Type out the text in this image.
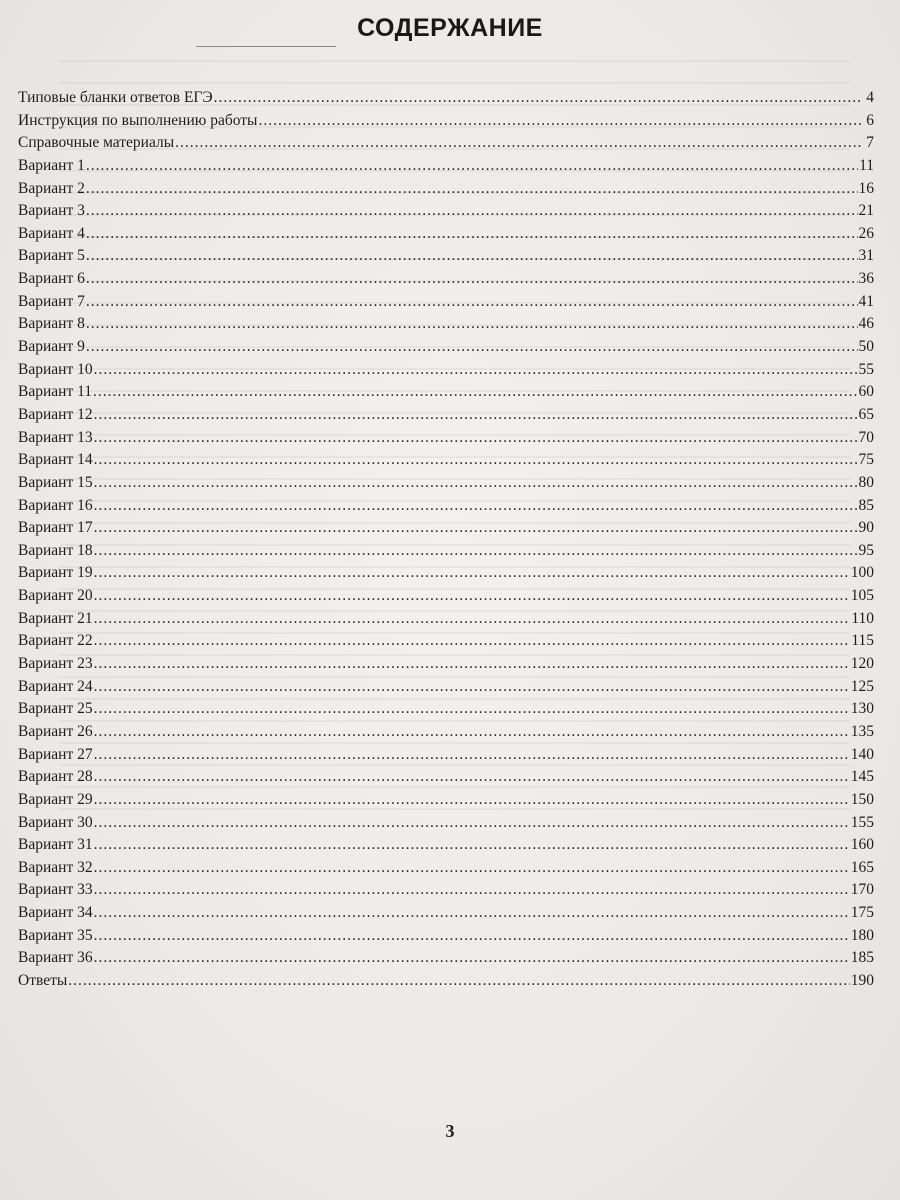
СОДЕРЖАНИЕ
Типовые бланки ответов ЕГЭ .....	4
Инструкция по выполнению работы .....	6
Справочные материалы .....	7
Вариант 1 .....	11
Вариант 2 .....	16
Вариант 3 .....	21
Вариант 4 .....	26
Вариант 5 .....	31
Вариант 6 .....	36
Вариант 7 .....	41
Вариант 8 .....	46
Вариант 9 .....	50
Вариант 10 .....	55
Вариант 11 .....	60
Вариант 12 .....	65
Вариант 13 .....	70
Вариант 14 .....	75
Вариант 15 .....	80
Вариант 16 .....	85
Вариант 17 .....	90
Вариант 18 .....	95
Вариант 19 .....	100
Вариант 20 .....	105
Вариант 21 .....	110
Вариант 22 .....	115
Вариант 23 .....	120
Вариант 24 .....	125
Вариант 25 .....	130
Вариант 26 .....	135
Вариант 27 .....	140
Вариант 28 .....	145
Вариант 29 .....	150
Вариант 30 .....	155
Вариант 31 .....	160
Вариант 32 .....	165
Вариант 33 .....	170
Вариант 34 .....	175
Вариант 35 .....	180
Вариант 36 .....	185
Ответы .....	190
3
